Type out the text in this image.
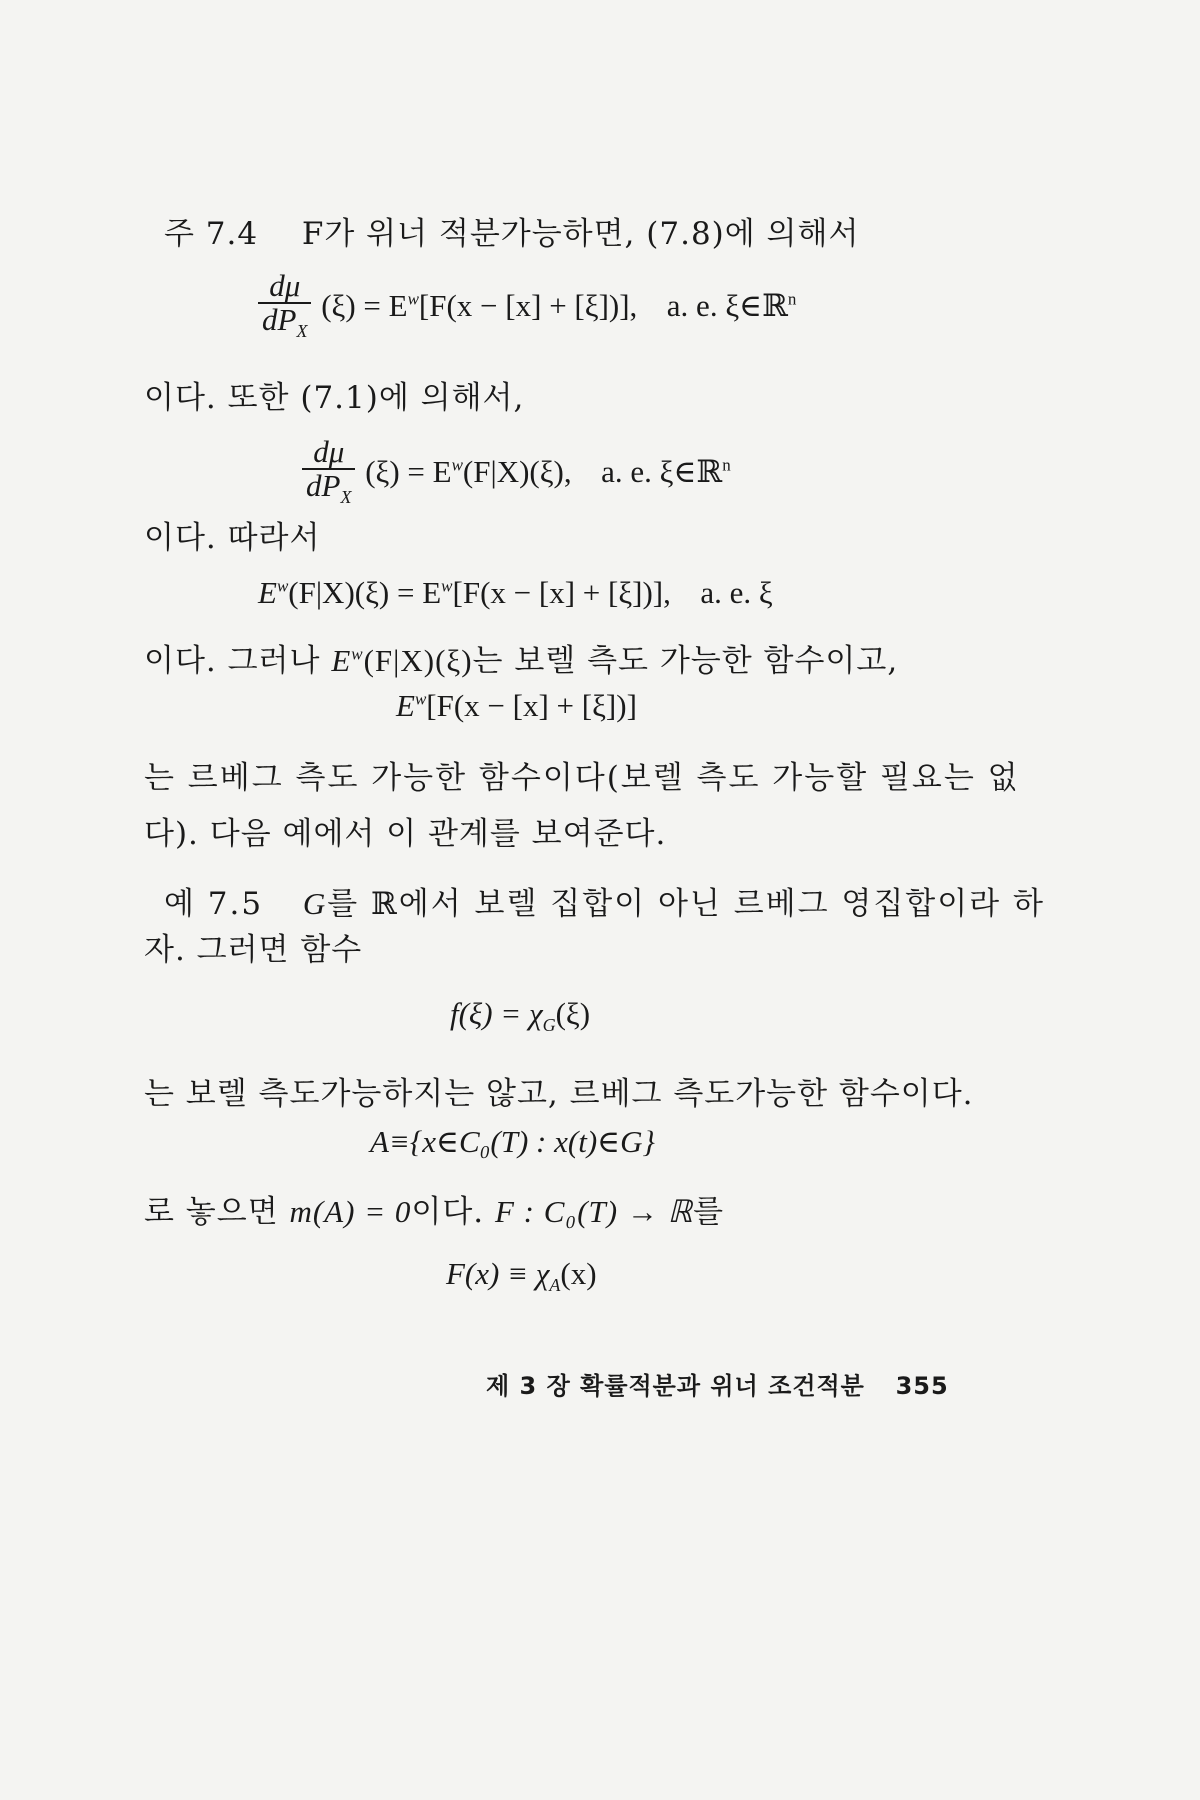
주 7.4 F가 위너 적분가능하면, (7.8)에 의해서
$\frac{d\mu}{dP_X} (\xi) = E^w[F(x - [x] + [\xi])]$, a. e. ξ∈ℝ$^n$
이다. 또한 (7.1)에 의해서,
$\frac{d\mu}{dP_X} (\xi) = E^w(F|X)(\xi)$, a. e. ξ∈ℝ$^n$
이다. 따라서
$E^w(F|X)(\xi) = E^w[F(x - [x] + [\xi])]$, a. e. ξ
이다. 그러나 $E^w(F|X)(\xi)$는 보렐 측도 가능한 함수이고,
$E^w[F(x - [x] + [\xi])]$
는 르베그 측도 가능한 함수이다(보렐 측도 가능할 필요는 없
다). 다음 예에서 이 관계를 보여준다.
예 7.5 G를 ℝ에서 보렐 집합이 아닌 르베그 영집합이라 하
자. 그러면 함수
$f(\xi) = \chi_G(\xi)$
는 보렐 측도가능하지는 않고, 르베그 측도가능한 함수이다.
A≡{x∈C₀(T) : x(t)∈G}
로 놓으면 m(A) = 0이다. F : C₀(T) → ℝ를
$F(x) \equiv \chi_A(x)$
제 3 장 확률적분과 위너 조건적분 355
